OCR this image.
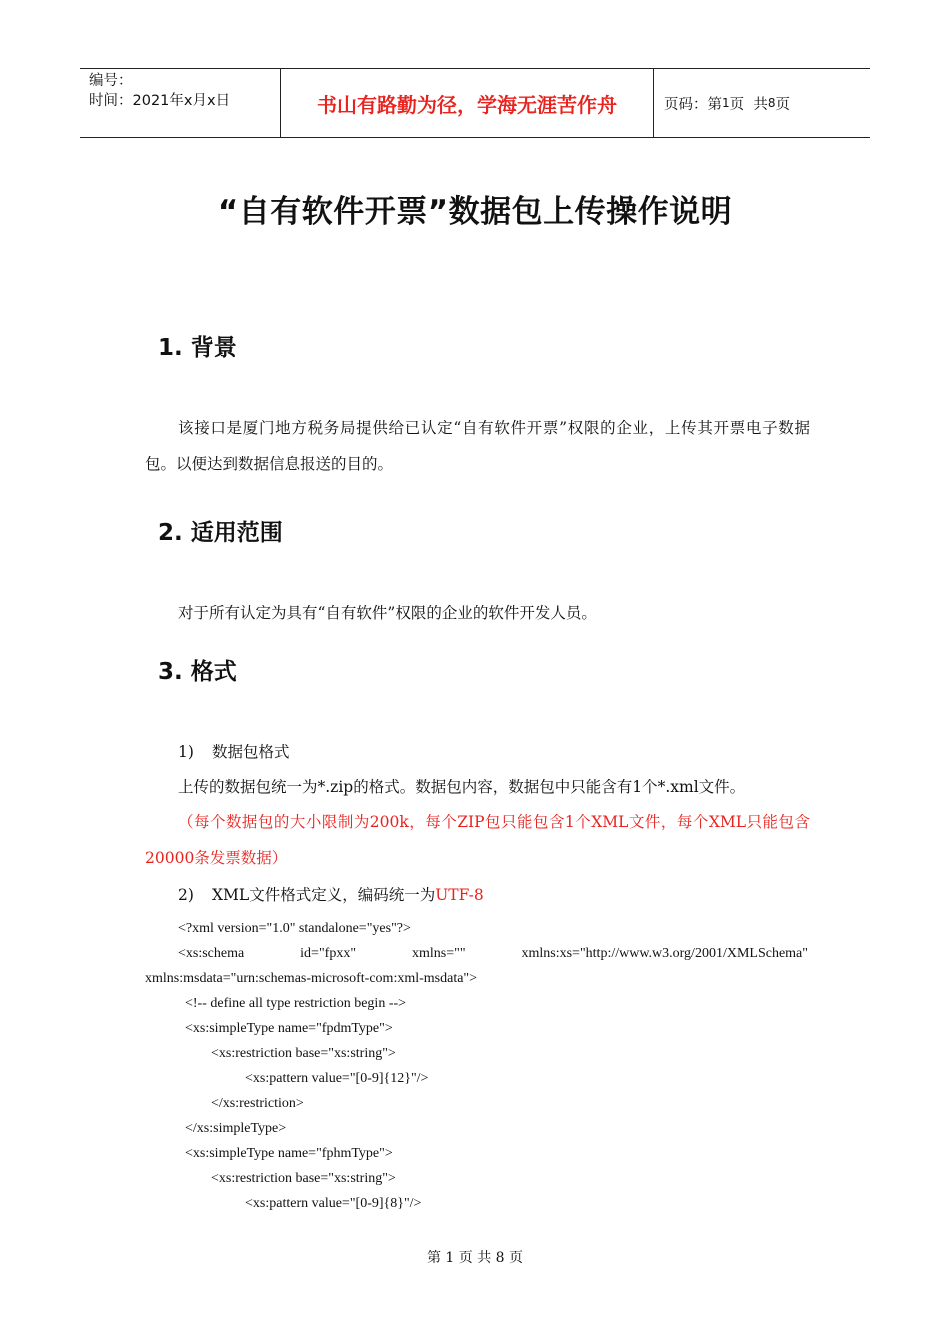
编号：
时间：2021年x月x日	书山有路勤为径，学海无涯苦作舟	页码：第 1 页  共 8 页
“自有软件开票”数据包上传操作说明
1. 背景
该接口是厦门地方税务局提供给已认定“自有软件开票”权限的企业，上传其开票电子数据包。以便达到数据信息报送的目的。
2. 适用范围
对于所有认定为具有“自有软件”权限的企业的软件开发人员。
3. 格式
1) 数据包格式
上传的数据包统一为*.zip的格式。数据包内容，数据包中只能含有1个*.xml文件。
（每个数据包的大小限制为200k，每个ZIP包只能包含1个XML文件，每个XML只能包含20000条发票数据）
2) XML文件格式定义，编码统一为UTF-8
<?xml version="1.0" standalone="yes"?>
<xs:schema	id="fpxx"	xmlns=""	xmlns:xs="http://www.w3.org/2001/XMLSchema"
xmlns:msdata="urn:schemas-microsoft-com:xml-msdata">
<!-- define all type restriction begin -->
<xs:simpleType name="fpdmType">
<xs:restriction base="xs:string">
<xs:pattern value="[0-9]{12}"/>
</xs:restriction>
</xs:simpleType>
<xs:simpleType name="fphmType">
<xs:restriction base="xs:string">
<xs:pattern value="[0-9]{8}"/>
第 1 页 共 8 页
